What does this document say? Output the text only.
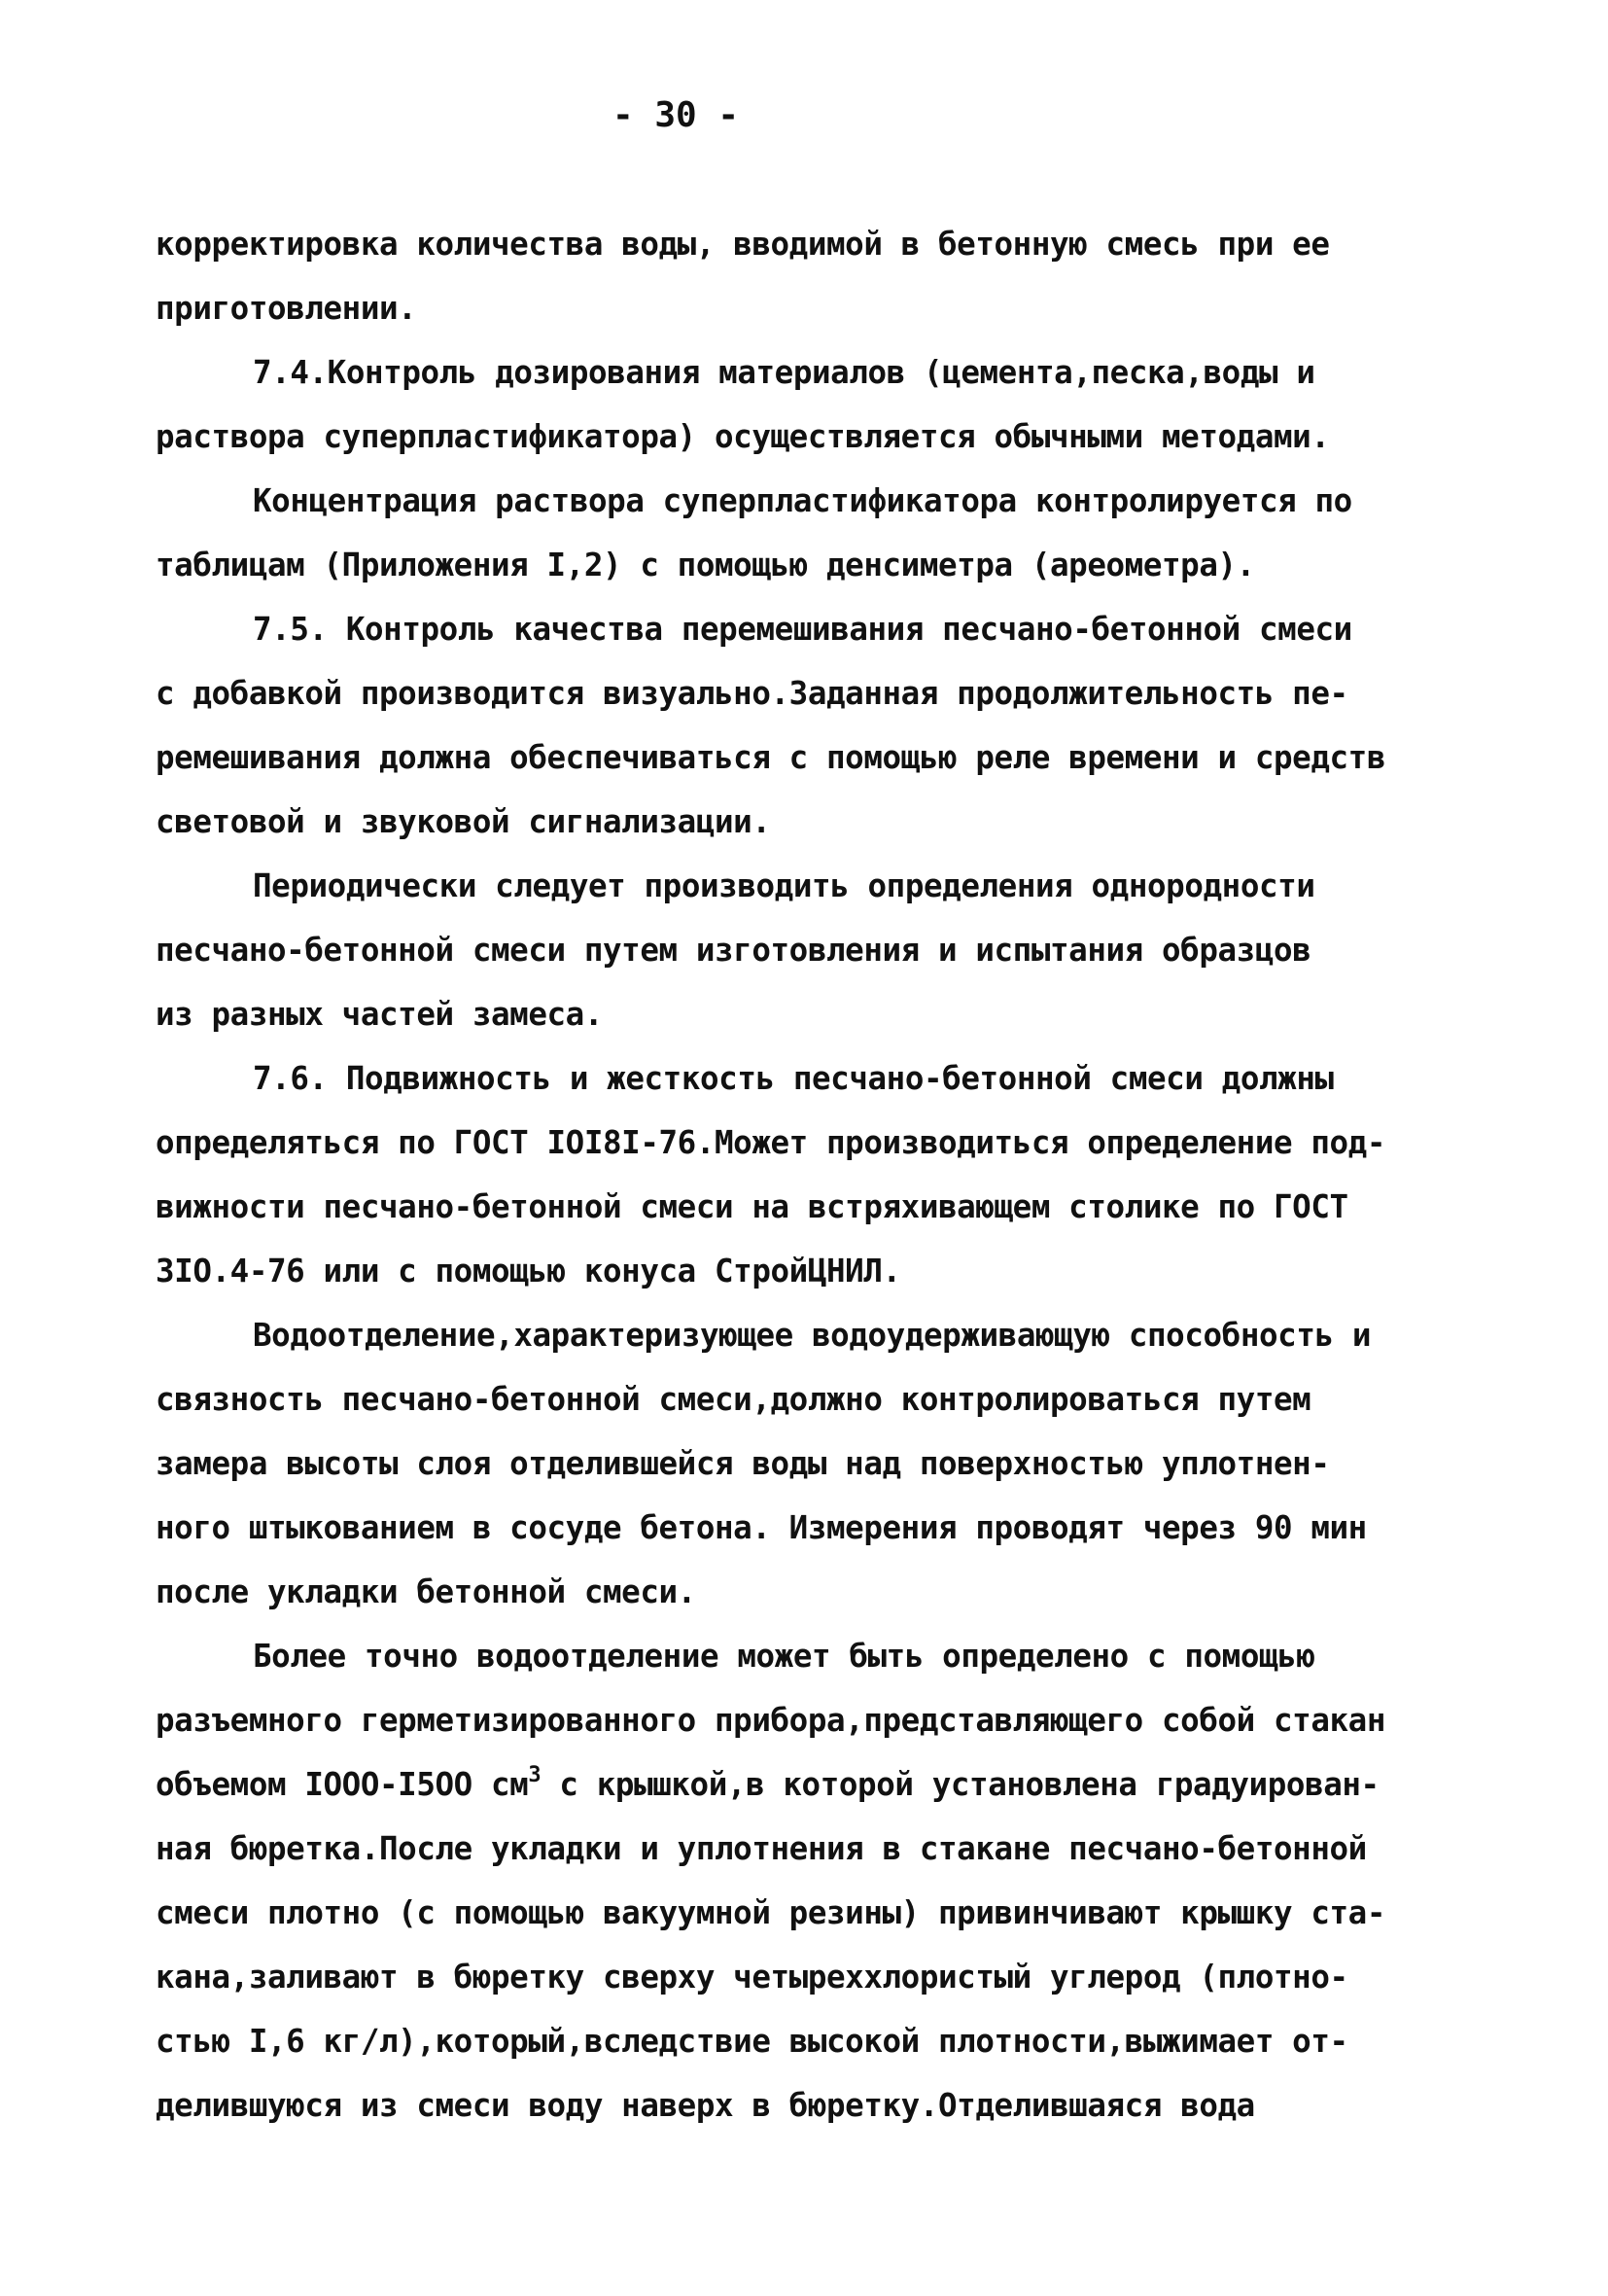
- 30 -
корректировка количества воды, вводимой в бетонную смесь при ее
приготовлении.
7.4.Контроль дозирования материалов (цемента,песка,воды и
раствора суперпластификатора) осуществляется обычными методами.
Концентрация раствора суперпластификатора контролируется по
таблицам (Приложения I,2) с помощью денсиметра (ареометра).
7.5. Контроль качества перемешивания песчано-бетонной смеси
с добавкой производится визуально.Заданная продолжительность пе-
ремешивания должна обеспечиваться с помощью реле времени и средств
световой и звуковой сигнализации.
Периодически следует производить определения однородности
песчано-бетонной смеси путем изготовления и испытания образцов
из разных частей замеса.
7.6. Подвижность и жесткость песчано-бетонной смеси должны
определяться по ГОСТ IОI8I-76.Может производиться определение под-
вижности песчано-бетонной смеси на встряхивающем столике по ГОСТ
3IО.4-76 или с помощью конуса СтройЦНИЛ.
Водоотделение,характеризующее водоудерживающую способность и
связность песчано-бетонной смеси,должно контролироваться путем
замера высоты слоя отделившейся воды над поверхностью уплотнен-
ного штыкованием в сосуде бетона. Измерения проводят через 90 мин
после укладки бетонной смеси.
Более точно водоотделение может быть определено с помощью
разъемного герметизированного прибора,представляющего собой стакан
объемом IООО-I5ОО $см^3$ с крышкой,в которой установлена градуирован-
ная бюретка.После укладки и уплотнения в стакане песчано-бетонной
смеси плотно (с помощью вакуумной резины) привинчивают крышку ста-
кана,заливают в бюретку сверху четыреххлористый углерод (плотно-
стью I,6 кг/л),который,вследствие высокой плотности,выжимает от-
делившуюся из смеси воду наверх в бюретку.Отделившаяся вода
